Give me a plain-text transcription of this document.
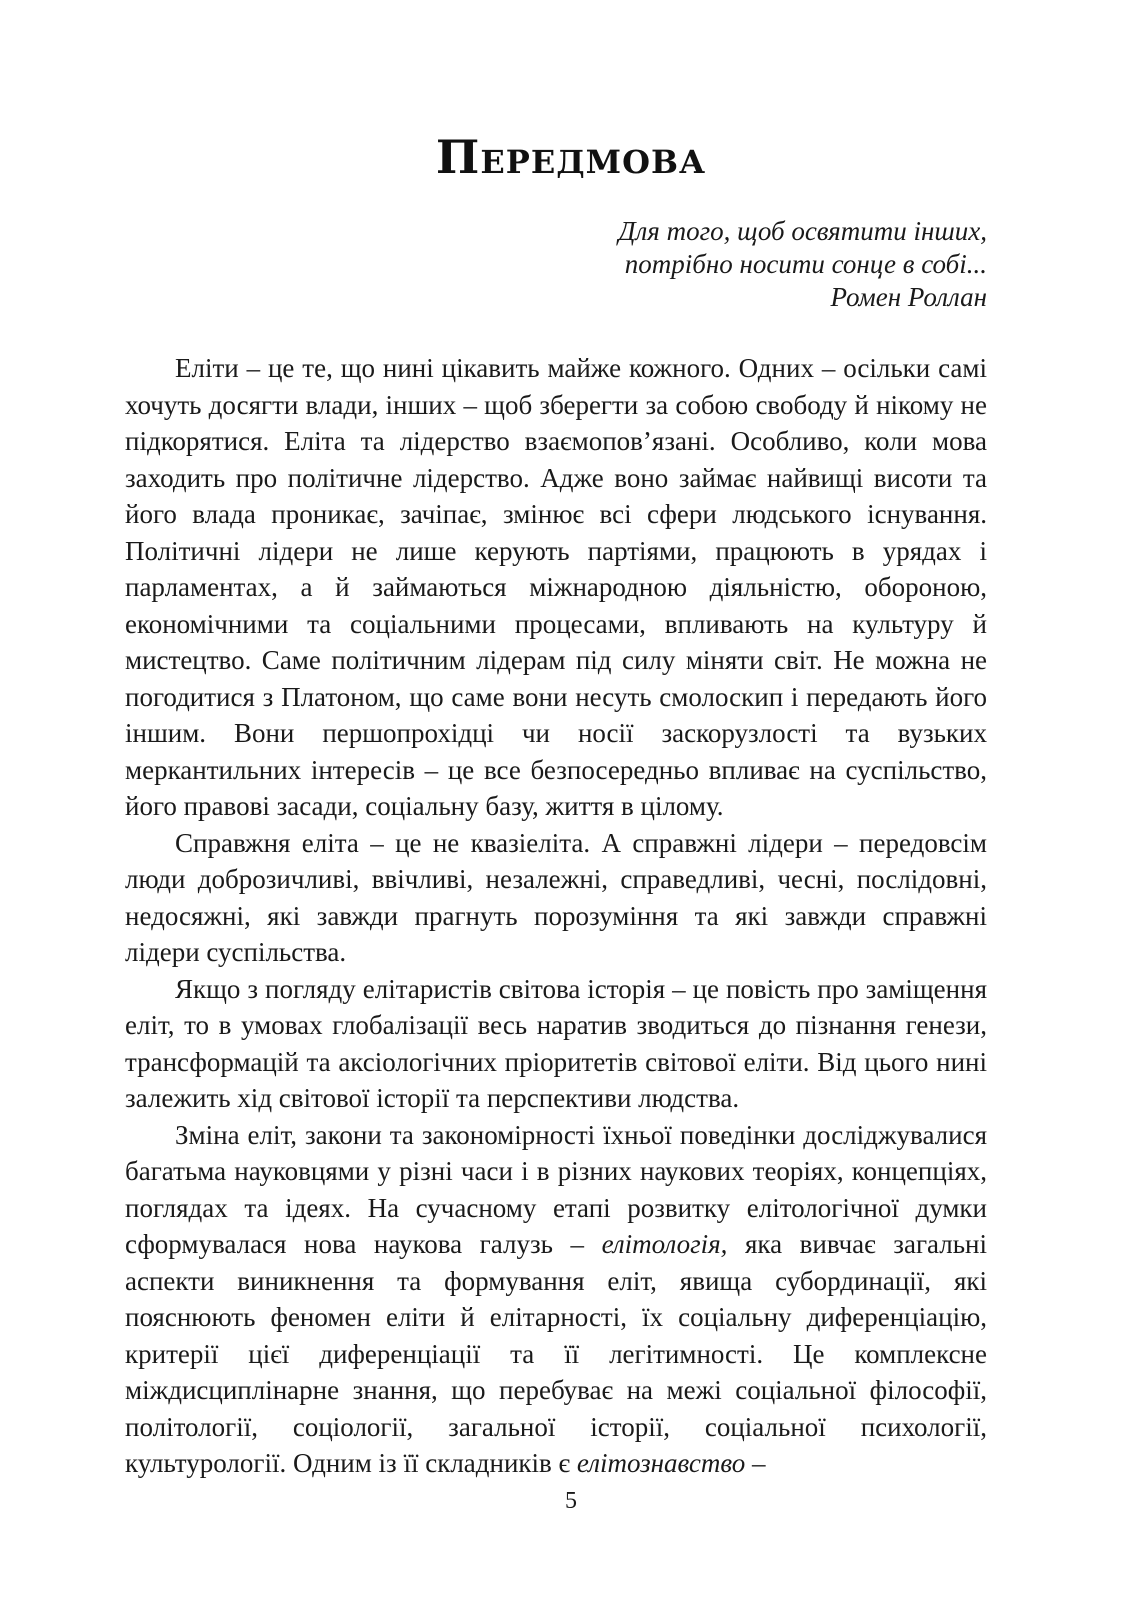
ПЕРЕДМОВА
Для того, щоб освятити інших,
потрібно носити сонце в собі...
Ромен Роллан

Еліти – це те, що нині цікавить майже кожного. Одних – осільки самі хочуть досягти влади, інших – щоб зберегти за собою свободу й нікому не підкорятися. Еліта та лідерство взаємопов’язані. Особливо, коли мова заходить про політичне лідерство. Адже воно займає найвищі висоти та його влада проникає, зачіпає, змінює всі сфери людського існування. Політичні лідери не лише керують партіями, працюють в урядах і парламентах, а й займаються міжнародною діяльністю, обороною, економічними та соціальними процесами, впливають на культуру й мистецтво. Саме політичним лідерам під силу міняти світ. Не можна не погодитися з Платоном, що саме вони несуть смолоскип і передають його іншим. Вони першопрохідці чи носії заскорузлості та вузьких меркантильних інтересів – це все безпосередньо впливає на суспільство, його правові засади, соціальну базу, життя в цілому.

Справжня еліта – це не квазіеліта. А справжні лідери – передовсім люди доброзичливі, ввічливі, незалежні, справедливі, чесні, послідовні, недосяжні, які завжди прагнуть порозуміння та які завжди справжні лідери суспільства.

Якщо з погляду елітаристів світова історія – це повість про заміщення еліт, то в умовах глобалізації весь наратив зводиться до пізнання генези, трансформацій та аксіологічних пріоритетів світової еліти. Від цього нині залежить хід світової історії та перспективи людства.

Зміна еліт, закони та закономірності їхньої поведінки досліджувалися багатьма науковцями у різні часи і в різних наукових теоріях, концепціях, поглядах та ідеях. На сучасному етапі розвитку елітологічної думки сформувалася нова наукова галузь – елітологія, яка вивчає загальні аспекти виникнення та формування еліт, явища субординації, які пояснюють феномен еліти й елітарності, їх соціальну диференціацію, критерії цієї диференціації та її легітимності. Це комплексне міждисциплінарне знання, що перебуває на межі соціальної філософії, політології, соціології, загальної історії, соціальної психології, культурології. Одним із її складників є елітознавство –

5
